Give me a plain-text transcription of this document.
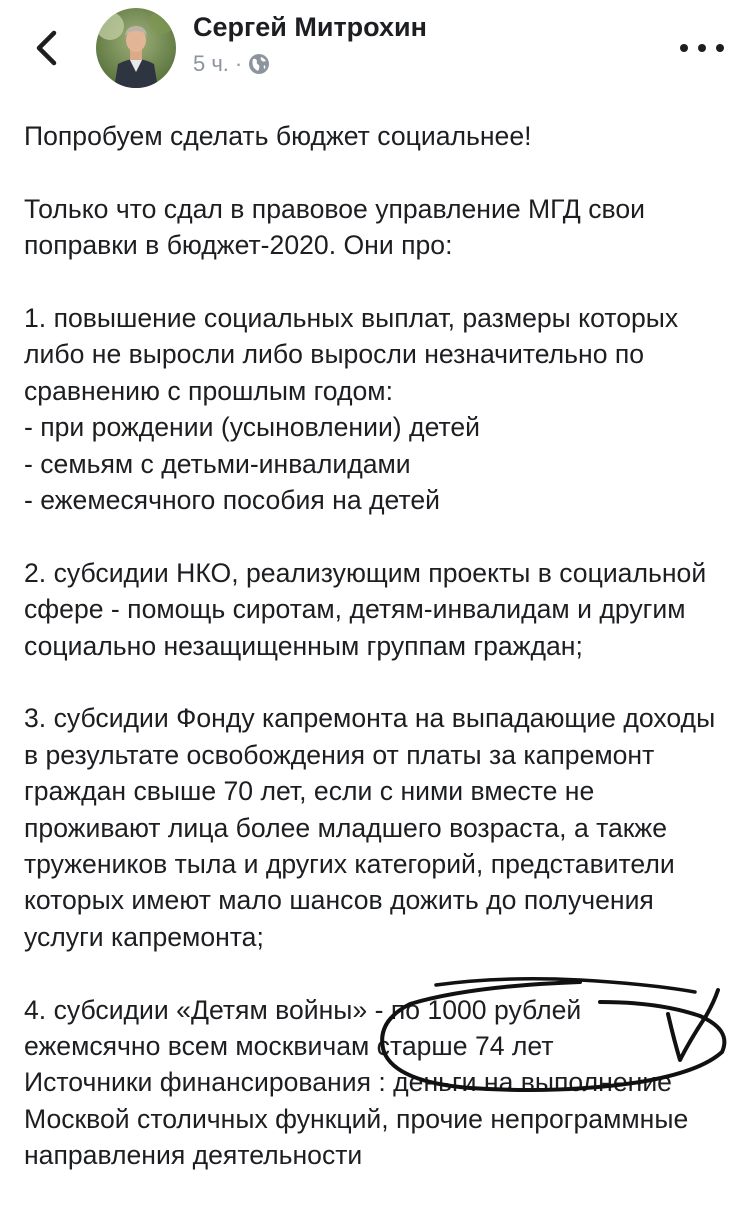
Сергей Митрохин
5 ч. ·

Попробуем сделать бюджет социальнее!

Только что сдал в правовое управление МГД свои поправки в бюджет-2020. Они про:

1. повышение социальных выплат, размеры которых либо не выросли либо выросли незначительно по сравнению с прошлым годом:
- при рождении (усыновлении) детей
- семьям с детьми-инвалидами
- ежемесячного пособия на детей

2. субсидии НКО, реализующим проекты в социальной сфере - помощь сиротам, детям-инвалидам и другим социально незащищенным группам граждан;

3. субсидии Фонду капремонта на выпадающие доходы в результате освобождения от платы за капремонт граждан свыше 70 лет, если с ними вместе не проживают лица более младшего возраста, а также тружеников тыла и других категорий, представители которых имеют мало шансов дожить до получения услуги капремонта;

4. субсидии «Детям войны» - по 1000 рублей ежемсячно всем москвичам старше 74 лет
Источники финансирования : деньги на выполнение Москвой столичных функций, прочие непрограммные направления деятельности
